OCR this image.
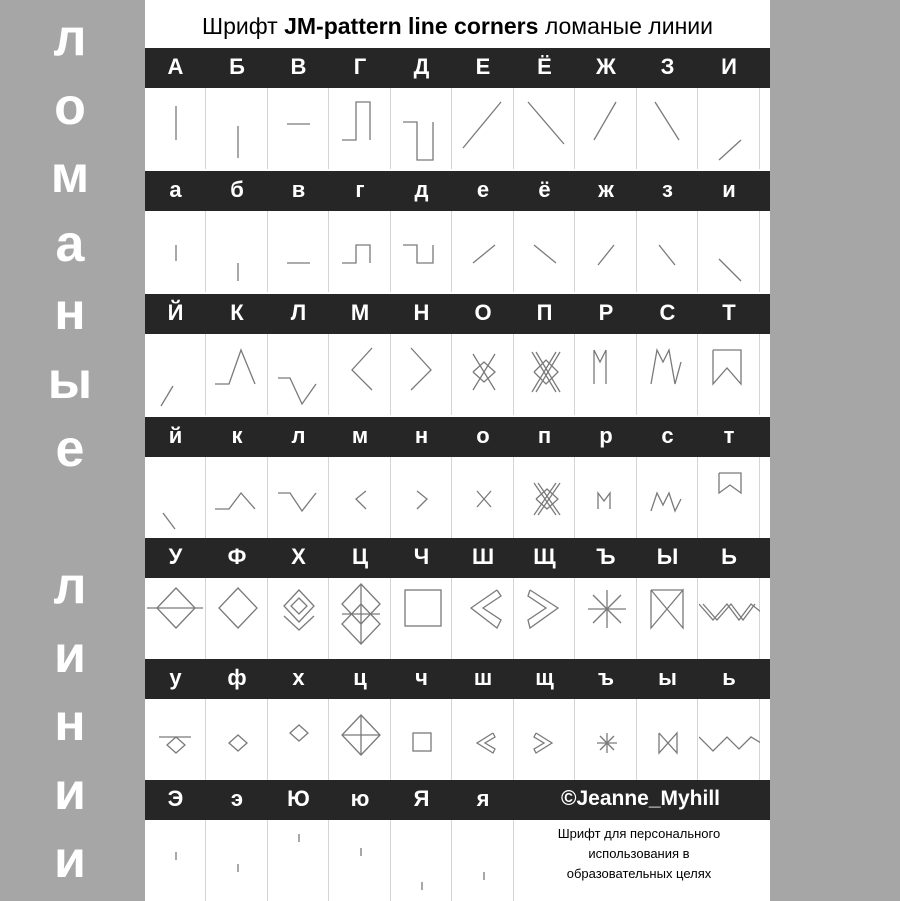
л
о
м
а
н
ы
е
л
и
н
и
и
Шрифт JM-pattern line corners ломаные линии
А	Б	В	Г	Д	Е	Ё	Ж	З	И
а	б	в	г	д	е	ё	ж	з	и
Й	К	Л	М	Н	О	П	Р	С	Т
й	к	л	м	н	о	п	р	с	т
У	Ф	Х	Ц	Ч	Ш	Щ	Ъ	Ы	Ь
у	ф	х	ц	ч	ш	щ	ъ	ы	ь
Э	э	Ю	ю	Я	я	©Jeanne_Myhill
Шрифт для персонального
использования в
образовательных целях
